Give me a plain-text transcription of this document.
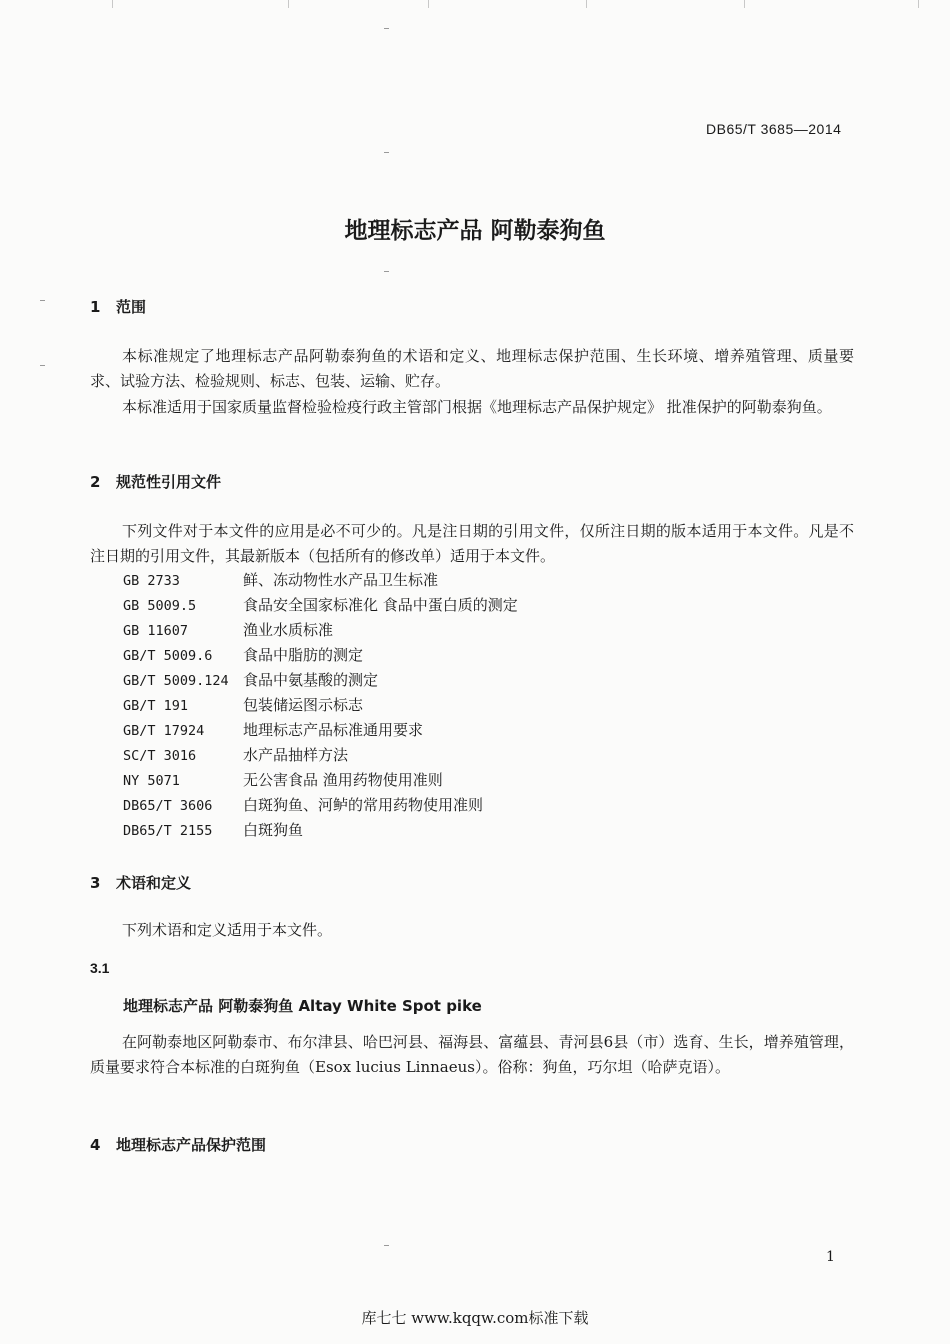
DB65/T 3685—2014
地理标志产品 阿勒泰狗鱼
1 范围

本标准规定了地理标志产品阿勒泰狗鱼的术语和定义、地理标志保护范围、生长环境、增养殖管理、质量要求、试验方法、检验规则、标志、包装、运输、贮存。

本标准适用于国家质量监督检验检疫行政主管部门根据《地理标志产品保护规定》 批准保护的阿勒泰狗鱼。

2 规范性引用文件

下列文件对于本文件的应用是必不可少的。凡是注日期的引用文件，仅所注日期的版本适用于本文件。凡是不注日期的引用文件，其最新版本（包括所有的修改单）适用于本文件。

GB 2733	鲜、冻动物性水产品卫生标准
GB 5009.5	食品安全国家标准化 食品中蛋白质的测定
GB 11607	渔业水质标准
GB/T 5009.6 食品中脂肪的测定
GB/T 5009.124 食品中氨基酸的测定
GB/T 191	包装储运图示标志
GB/T 17924	地理标志产品标准通用要求
SC/T 3016	水产品抽样方法
NY 5071	无公害食品 渔用药物使用准则
DB65/T 3606 白斑狗鱼、河鲈的常用药物使用准则
DB65/T 2155 白斑狗鱼
3 术语和定义

下列术语和定义适用于本文件。

3.1
地理标志产品 阿勒泰狗鱼 Altay White Spot pike

在阿勒泰地区阿勒泰市、布尔津县、哈巴河县、福海县、富蕴县、青河县6县（市）选育、生长，增养殖管理，质量要求符合本标准的白斑狗鱼（Esox lucius Linnaeus）。俗称：狗鱼，巧尔坦（哈萨克语）。

4 地理标志产品保护范围
1
库七七 www.kqqw.com标准下载
